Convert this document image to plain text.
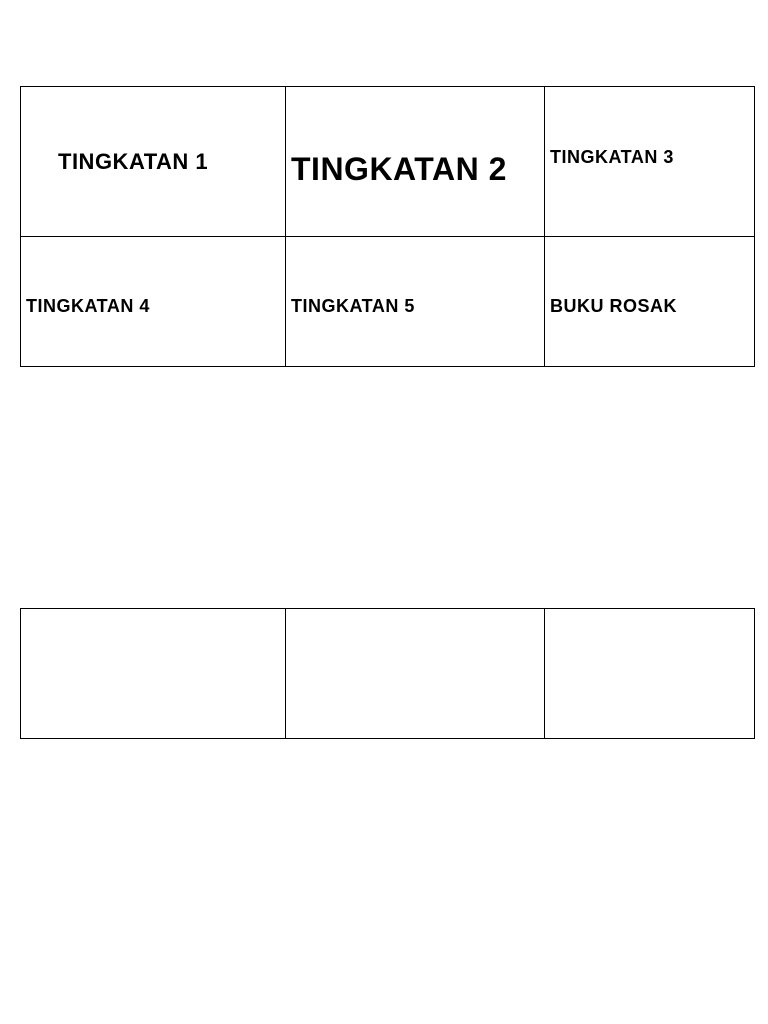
TINGKATAN 1	TINGKATAN 2	TINGKATAN 3

TINGKATAN 4	TINGKATAN 5	BUKU ROSAK
